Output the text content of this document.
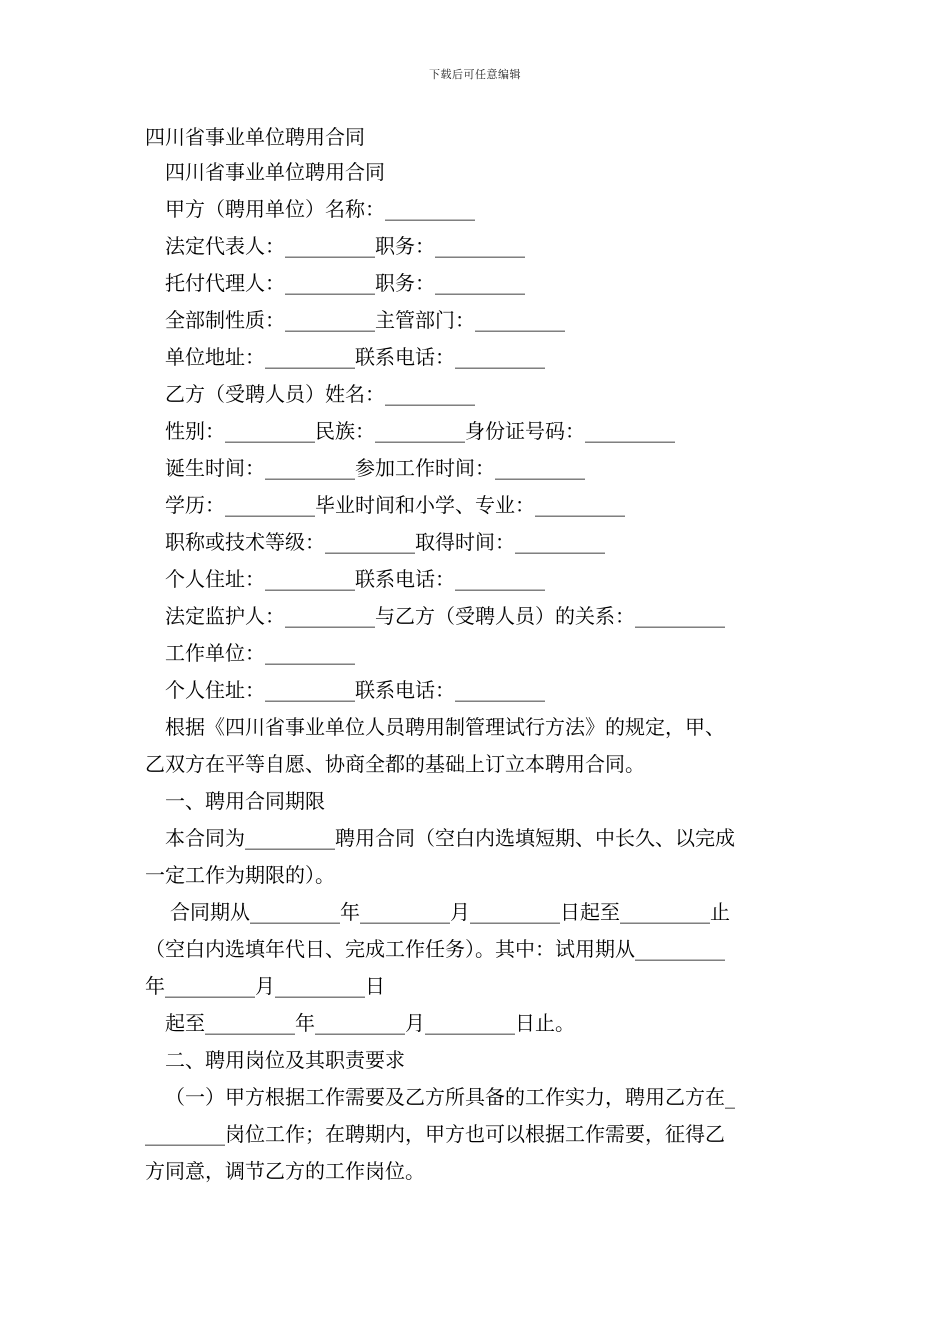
下载后可任意编辑
四川省事业单位聘用合同
四川省事业单位聘用合同
甲方（聘用单位）名称：_________
法定代表人：_________职务：_________
托付代理人：_________职务：_________
全部制性质：_________主管部门：_________
单位地址：_________联系电话：_________
乙方（受聘人员）姓名：_________
性别：_________民族：_________身份证号码：_________
诞生时间：_________参加工作时间：_________
学历：_________毕业时间和小学、专业：_________
职称或技术等级：_________取得时间：_________
个人住址：_________联系电话：_________
法定监护人：_________与乙方（受聘人员）的关系：_________
工作单位：_________
个人住址：_________联系电话：_________
根据《四川省事业单位人员聘用制管理试行方法》的规定，甲、
乙双方在平等自愿、协商全都的基础上订立本聘用合同。
一、聘用合同期限
本合同为_________聘用合同（空白内选填短期、中长久、以完成
一定工作为期限的）。
合同期从_________年_________月_________日起至_________止
（空白内选填年代日、完成工作任务）。其中：试用期从_________
年_________月_________日
起至_________年_________月_________日止。
二、聘用岗位及其职责要求
（一）甲方根据工作需要及乙方所具备的工作实力，聘用乙方在_
________岗位工作；在聘期内，甲方也可以根据工作需要，征得乙
方同意，调节乙方的工作岗位。
